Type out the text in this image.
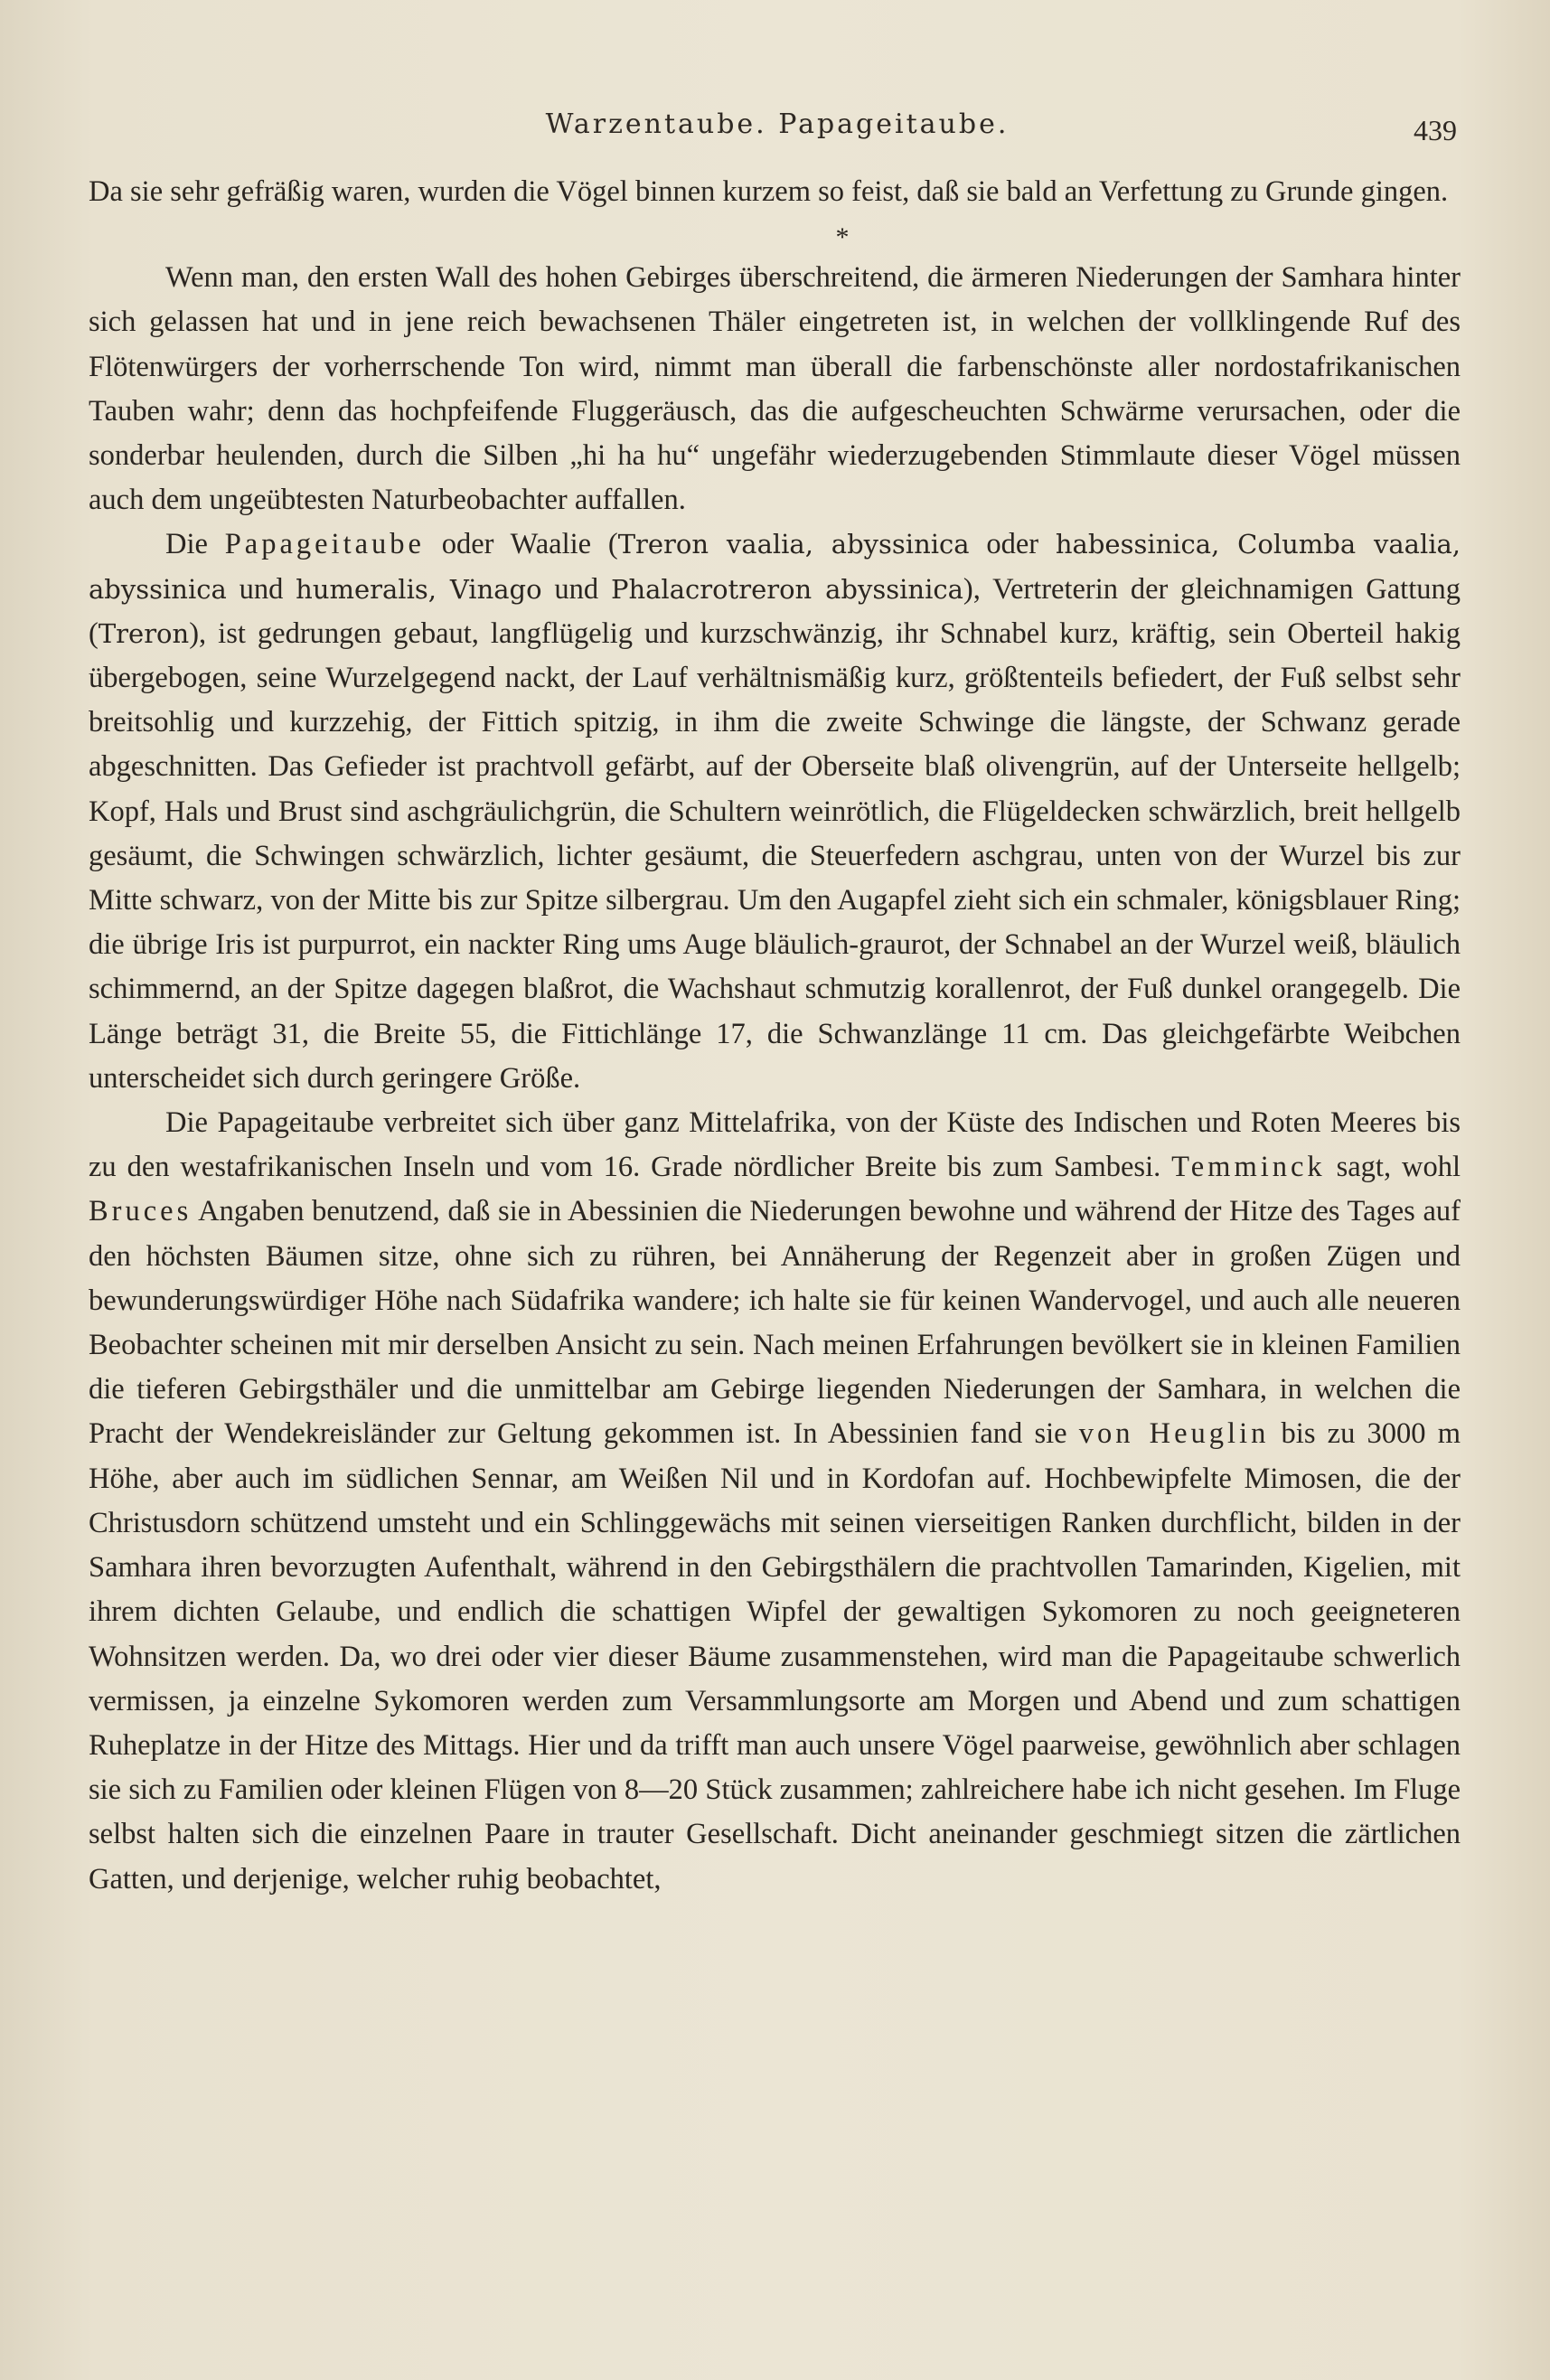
Warzentaube. Papageitaube.	439

Da sie sehr gefräßig waren, wurden die Vögel binnen kurzem so feist, daß sie bald an Verfettung zu Grunde gingen.

*

Wenn man, den ersten Wall des hohen Gebirges überschreitend, die ärmeren Niederungen der Samhara hinter sich gelassen hat und in jene reich bewachsenen Thäler eingetreten ist, in welchen der vollklingende Ruf des Flötenwürgers der vorherrschende Ton wird, nimmt man überall die farbenschönste aller nordostafrikanischen Tauben wahr; denn das hochpfeifende Fluggeräusch, das die aufgescheuchten Schwärme verursachen, oder die sonderbar heulenden, durch die Silben „hi ha hu“ ungefähr wiederzugebenden Stimmlaute dieser Vögel müssen auch dem ungeübtesten Naturbeobachter auffallen.

Die Papageitaube oder Waalie (Treron vaalia, abyssinica oder habessinica, Columba vaalia, abyssinica und humeralis, Vinago und Phalacrotreron abyssinica), Vertreterin der gleichnamigen Gattung (Treron), ist gedrungen gebaut, langflügelig und kurzschwänzig, ihr Schnabel kurz, kräftig, sein Oberteil hakig übergebogen, seine Wurzelgegend nackt, der Lauf verhältnismäßig kurz, größtenteils befiedert, der Fuß selbst sehr breitsohlig und kurzzehig, der Fittich spitzig, in ihm die zweite Schwinge die längste, der Schwanz gerade abgeschnitten. Das Gefieder ist prachtvoll gefärbt, auf der Oberseite blaß olivengrün, auf der Unterseite hellgelb; Kopf, Hals und Brust sind aschgräulichgrün, die Schultern weinrötlich, die Flügeldecken schwärzlich, breit hellgelb gesäumt, die Schwingen schwärzlich, lichter gesäumt, die Steuerfedern aschgrau, unten von der Wurzel bis zur Mitte schwarz, von der Mitte bis zur Spitze silbergrau. Um den Augapfel zieht sich ein schmaler, königsblauer Ring; die übrige Iris ist purpurrot, ein nackter Ring ums Auge bläulich-graurot, der Schnabel an der Wurzel weiß, bläulich schimmernd, an der Spitze dagegen blaßrot, die Wachshaut schmutzig korallenrot, der Fuß dunkel orangegelb. Die Länge beträgt 31, die Breite 55, die Fittichlänge 17, die Schwanzlänge 11 cm. Das gleichgefärbte Weibchen unterscheidet sich durch geringere Größe.

Die Papageitaube verbreitet sich über ganz Mittelafrika, von der Küste des Indischen und Roten Meeres bis zu den westafrikanischen Inseln und vom 16. Grade nördlicher Breite bis zum Sambesi. Temminck sagt, wohl Bruces Angaben benutzend, daß sie in Abessinien die Niederungen bewohne und während der Hitze des Tages auf den höchsten Bäumen sitze, ohne sich zu rühren, bei Annäherung der Regenzeit aber in großen Zügen und bewunderungswürdiger Höhe nach Südafrika wandere; ich halte sie für keinen Wandervogel, und auch alle neueren Beobachter scheinen mit mir derselben Ansicht zu sein. Nach meinen Erfahrungen bevölkert sie in kleinen Familien die tieferen Gebirgsthäler und die unmittelbar am Gebirge liegenden Niederungen der Samhara, in welchen die Pracht der Wendekreisländer zur Geltung gekommen ist. In Abessinien fand sie von Heuglin bis zu 3000 m Höhe, aber auch im südlichen Sennar, am Weißen Nil und in Kordofan auf. Hochbewipfelte Mimosen, die der Christusdorn schützend umsteht und ein Schlinggewächs mit seinen vierseitigen Ranken durchflicht, bilden in der Samhara ihren bevorzugten Aufenthalt, während in den Gebirgsthälern die prachtvollen Tamarinden, Kigelien, mit ihrem dichten Gelaube, und endlich die schattigen Wipfel der gewaltigen Sykomoren zu noch geeigneteren Wohnsitzen werden. Da, wo drei oder vier dieser Bäume zusammenstehen, wird man die Papageitaube schwerlich vermissen, ja einzelne Sykomoren werden zum Versammlungsorte am Morgen und Abend und zum schattigen Ruheplatze in der Hitze des Mittags. Hier und da trifft man auch unsere Vögel paarweise, gewöhnlich aber schlagen sie sich zu Familien oder kleinen Flügen von 8—20 Stück zusammen; zahlreichere habe ich nicht gesehen. Im Fluge selbst halten sich die einzelnen Paare in trauter Gesellschaft. Dicht aneinander geschmiegt sitzen die zärtlichen Gatten, und derjenige, welcher ruhig beobachtet,
